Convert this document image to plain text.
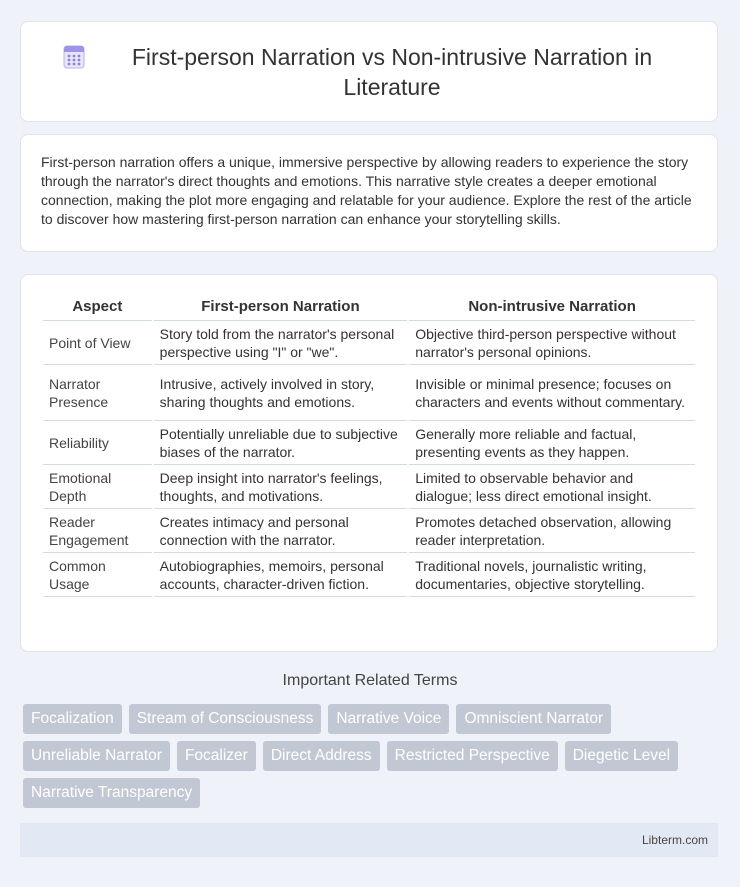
First-person Narration vs Non-intrusive Narration in Literature

First-person narration offers a unique, immersive perspective by allowing readers to experience the story through the narrator's direct thoughts and emotions. This narrative style creates a deeper emotional connection, making the plot more engaging and relatable for your audience. Explore the rest of the article to discover how mastering first-person narration can enhance your storytelling skills.

Aspect	First-person Narration	Non-intrusive Narration
Point of View	Story told from the narrator's personal perspective using "I" or "we".	Objective third-person perspective without narrator's personal opinions.
Narrator Presence	Intrusive, actively involved in story, sharing thoughts and emotions.	Invisible or minimal presence; focuses on characters and events without commentary.
Reliability	Potentially unreliable due to subjective biases of the narrator.	Generally more reliable and factual, presenting events as they happen.
Emotional Depth	Deep insight into narrator's feelings, thoughts, and motivations.	Limited to observable behavior and dialogue; less direct emotional insight.
Reader Engagement	Creates intimacy and personal connection with the narrator.	Promotes detached observation, allowing reader interpretation.
Common Usage	Autobiographies, memoirs, personal accounts, character-driven fiction.	Traditional novels, journalistic writing, documentaries, objective storytelling.
Important Related Terms
Focalization	Stream of Consciousness	Narrative Voice	Omniscient Narrator
Unreliable Narrator	Focalizer	Direct Address	Restricted Perspective	Diegetic Level
Narrative Transparency
Libterm.com
